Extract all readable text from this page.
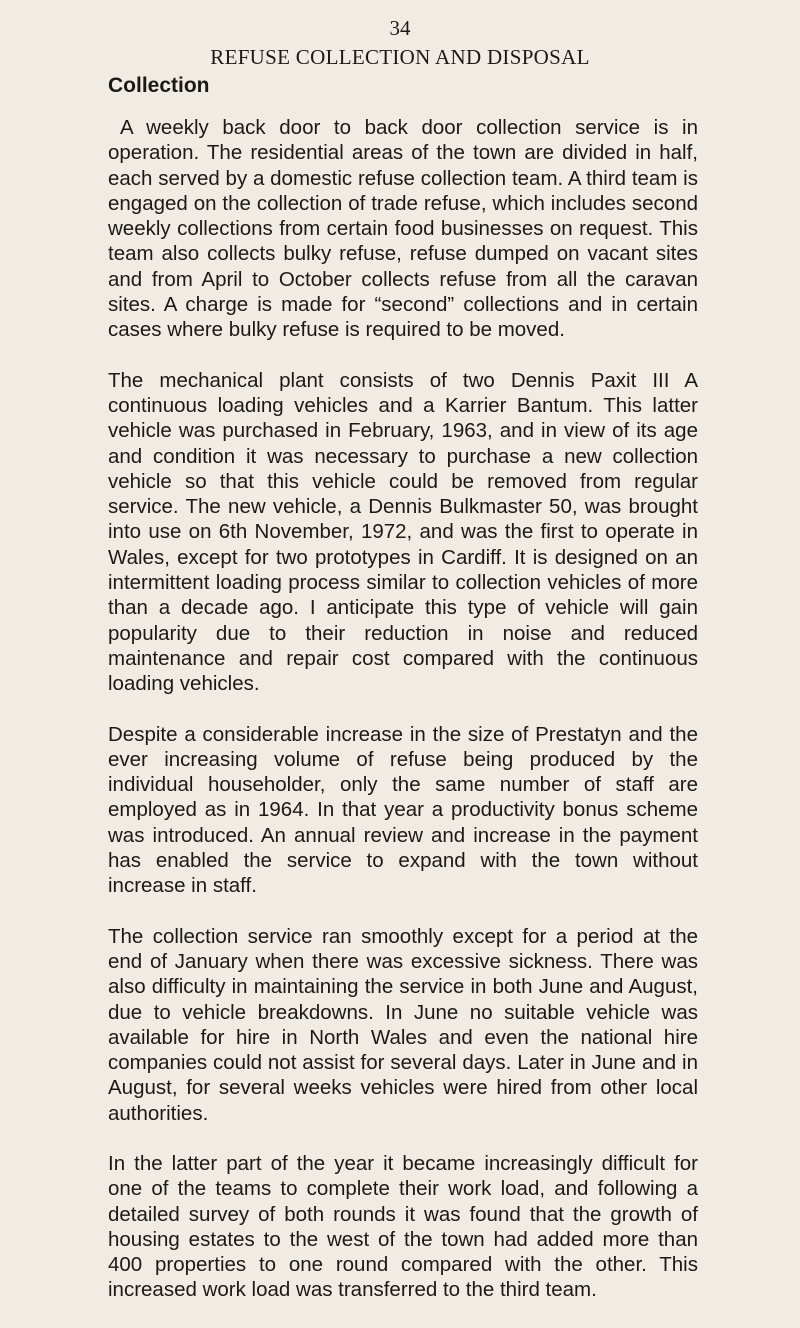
34
REFUSE COLLECTION AND DISPOSAL
Collection

A weekly back door to back door collection service is in operation. The residential areas of the town are divided in half, each served by a domestic refuse collection team. A third team is engaged on the collection of trade refuse, which includes second weekly collections from certain food businesses on request. This team also collects bulky refuse, refuse dumped on vacant sites and from April to October collects refuse from all the caravan sites. A charge is made for “second” collections and in certain cases where bulky refuse is required to be moved.

The mechanical plant consists of two Dennis Paxit III A continuous loading vehicles and a Karrier Bantum. This latter vehicle was purchased in February, 1963, and in view of its age and condition it was necessary to purchase a new collection vehicle so that this vehicle could be removed from regular service. The new vehicle, a Dennis Bulkmaster 50, was brought into use on 6th November, 1972, and was the first to operate in Wales, except for two prototypes in Cardiff. It is designed on an intermittent loading process similar to collection vehicles of more than a decade ago. I anticipate this type of vehicle will gain popularity due to their reduction in noise and reduced maintenance and repair cost compared with the continuous loading vehicles.

Despite a considerable increase in the size of Prestatyn and the ever increasing volume of refuse being produced by the individual householder, only the same number of staff are employed as in 1964. In that year a productivity bonus scheme was introduced. An annual review and increase in the payment has enabled the service to expand with the town without increase in staff.

The collection service ran smoothly except for a period at the end of January when there was excessive sickness. There was also difficulty in maintaining the service in both June and August, due to vehicle breakdowns. In June no suitable vehicle was available for hire in North Wales and even the national hire companies could not assist for several days. Later in June and in August, for several weeks vehicles were hired from other local authorities.

In the latter part of the year it became increasingly difficult for one of the teams to complete their work load, and following a detailed survey of both rounds it was found that the growth of housing estates to the west of the town had added more than 400 properties to one round compared with the other. This increased work load was transferred to the third team.
